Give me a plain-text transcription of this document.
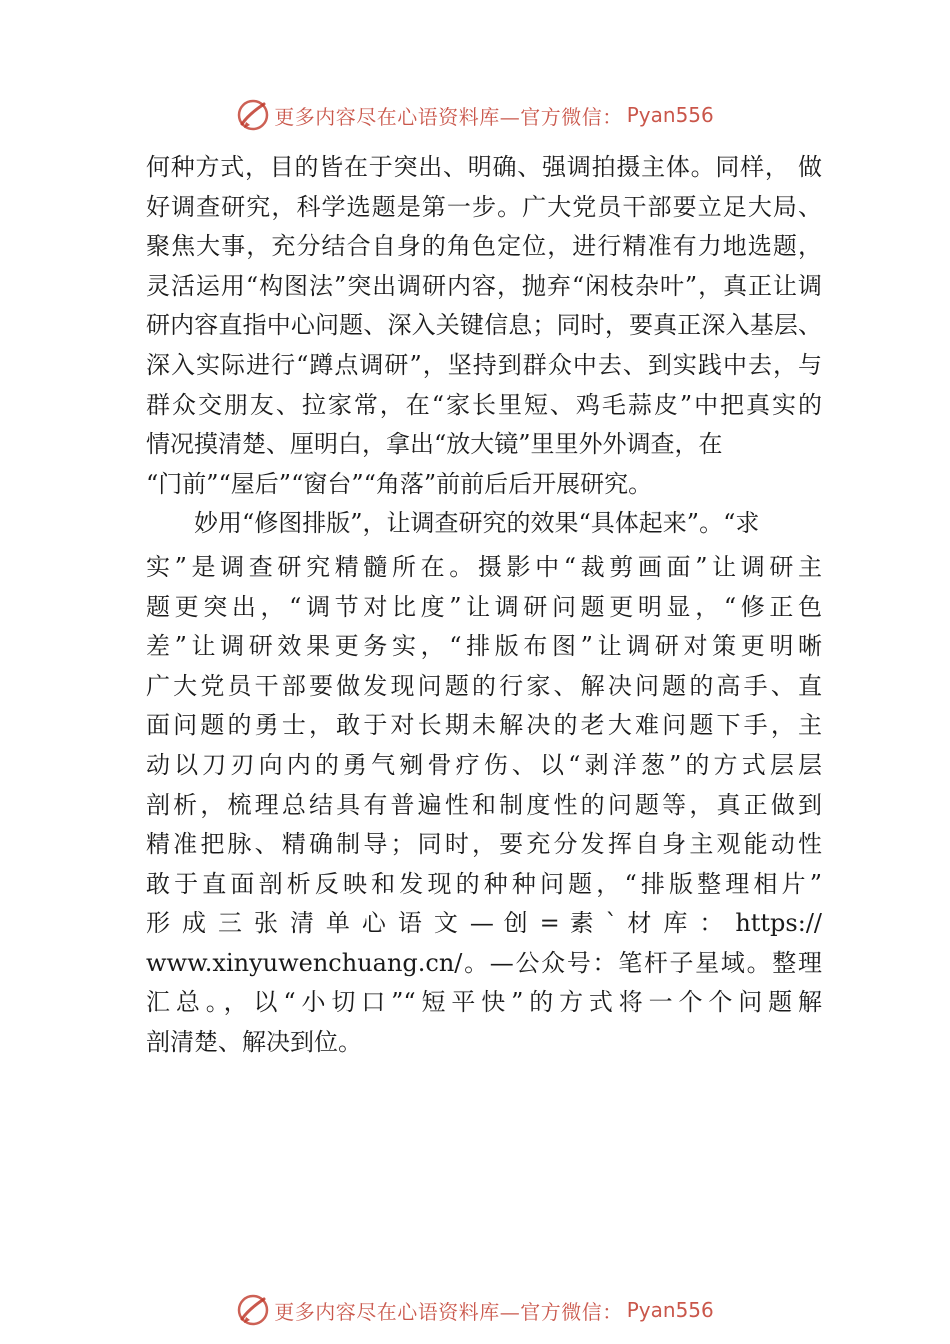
更多内容尽在心语资料库—官方微信： Pyan556
何种方式，目的皆在于突出、明确、强调拍摄主体。同样， 做
好调查研究，科学选题是第一步。广大党员干部要立足大局、
聚焦大事，充分结合自身的角色定位，进行精准有力地选题，
灵活运用“构图法”突出调研内容，抛弃“闲枝杂叶”，真正让调
研内容直指中心问题、深入关键信息；同时，要真正深入基层、
深入实际进行“蹲点调研”，坚持到群众中去、到实践中去，与
群众交朋友、拉家常，在“家长里短、鸡毛蒜皮”中把真实的
情况摸清楚、厘明白，拿出“放大镜”里里外外调查，在
“门前”“屋后”“窗台”“角落”前前后后开展研究。
妙用“修图排版”，让调查研究的效果“具体起来”。“求
实”是调查研究精髓所在。摄影中“裁剪画面”让调研主
题更突出，“调节对比度”让调研问题更明显，“修正色
差”让调研效果更务实，“排版布图”让调研对策更明晰
广大党员干部要做发现问题的行家、解决问题的高手、直
面问题的勇士，敢于对长期未解决的老大难问题下手，主
动以刀刃向内的勇气剜骨疗伤、以“剥洋葱”的方式层层
剖析，梳理总结具有普遍性和制度性的问题等，真正做到
精准把脉、精确制导；同时，要充分发挥自身主观能动性
敢于直面剖析反映和发现的种种问题，“排版整理相片”
形 成 三 张 清 单 心 语 文 — 创 = 素 ` 材 库 ： https://
www.xinyuwenchuang.cn/。—公众号：笔杆子星域。整理
汇总。，以“小切口”“短平快”的方式将一个个问题解
剖清楚、解决到位。
更多内容尽在心语资料库—官方微信： Pyan556
